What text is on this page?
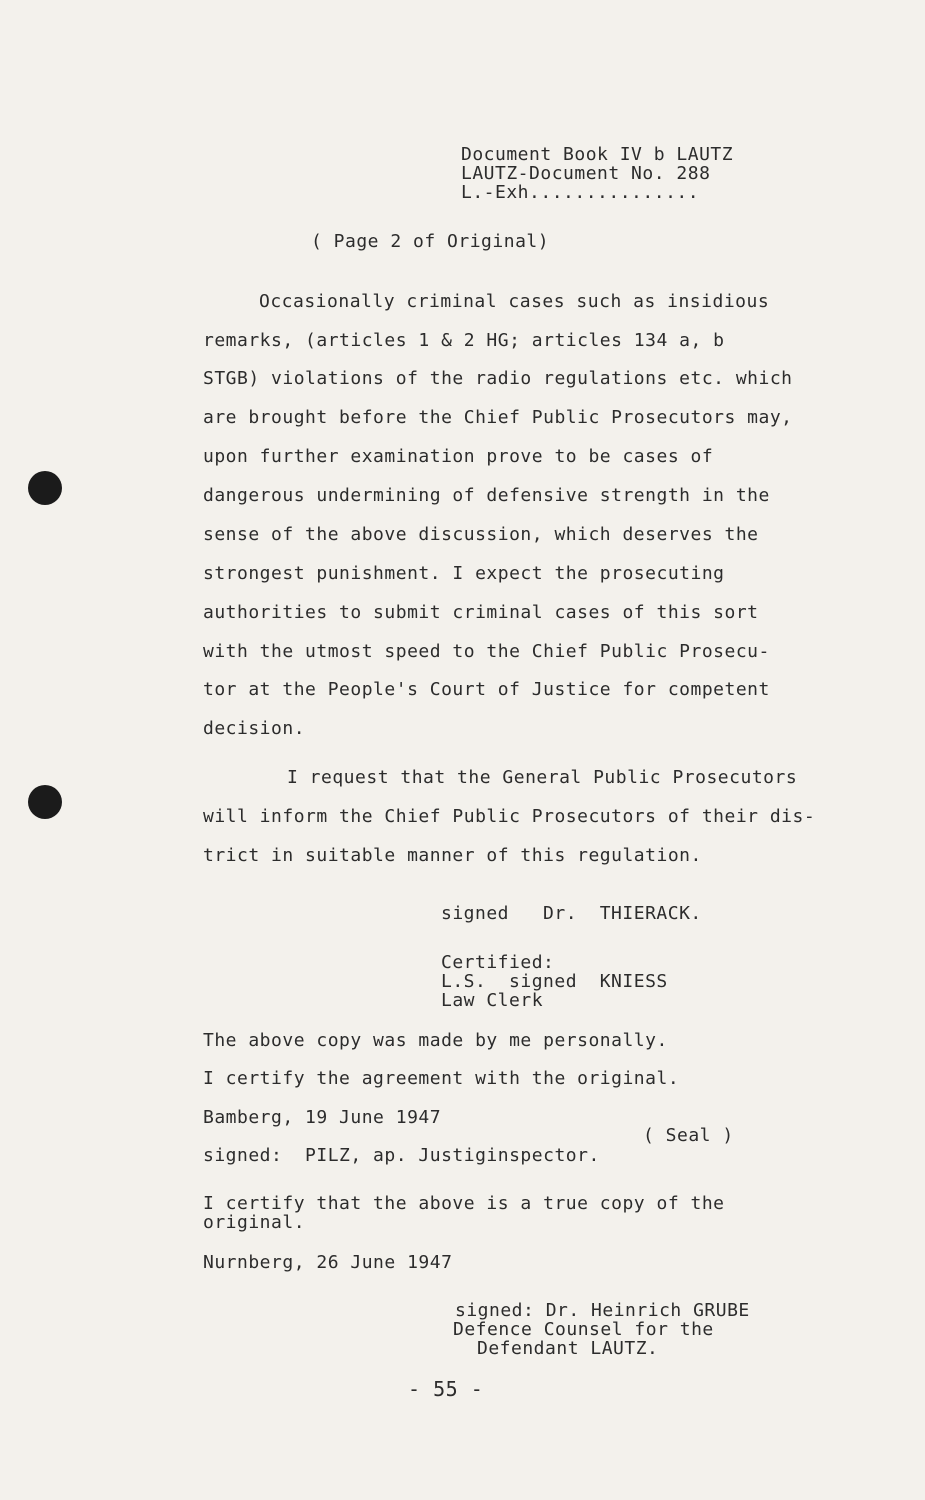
Document Book IV b LAUTZ
LAUTZ-Document No. 288
L.-Exh...............
( Page 2 of Original)
Occasionally criminal cases such as insidious
remarks, (articles 1 & 2 HG; articles 134 a, b
STGB) violations of the radio regulations etc. which
are brought before the Chief Public Prosecutors may,
upon further examination prove to be cases of
dangerous undermining of defensive strength in the
sense of the above discussion, which deserves the
strongest punishment. I expect the prosecuting
authorities to submit criminal cases of this sort
with the utmost speed to the Chief Public Prosecu-
tor at the People's Court of Justice for competent
decision.
I request that the General Public Prosecutors
will inform the Chief Public Prosecutors of their dis-
trict in suitable manner of this regulation.
signed   Dr.  THIERACK.
Certified:
L.S.  signed  KNIESS
Law Clerk
The above copy was made by me personally.
I certify the agreement with the original.
Bamberg, 19 June 1947
( Seal )
signed:  PILZ, ap. Justiginspector.
I certify that the above is a true copy of the
original.
Nurnberg, 26 June 1947
signed: Dr. Heinrich GRUBE
Defence Counsel for the
Defendant LAUTZ.
- 55 -
